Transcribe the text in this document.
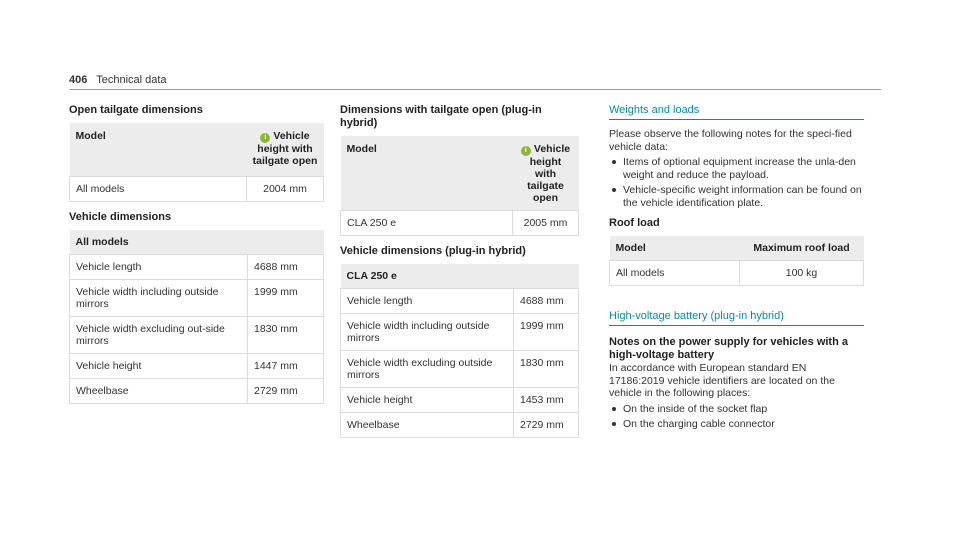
406 Technical data
Open tailgate dimensions
Model	i Vehicle height with tailgate open
All models	2004 mm
Vehicle dimensions
All models	
Vehicle length	4688 mm
Vehicle width including outside mirrors	1999 mm
Vehicle width excluding out-side mirrors	1830 mm
Vehicle height	1447 mm
Wheelbase	2729 mm
Dimensions with tailgate open (plug-in hybrid)
Model	i Vehicle height with tailgate open
CLA 250 e	2005 mm
Vehicle dimensions (plug-in hybrid)
CLA 250 e	
Vehicle length	4688 mm
Vehicle width including outside mirrors	1999 mm
Vehicle width excluding outside mirrors	1830 mm
Vehicle height	1453 mm
Wheelbase	2729 mm
Weights and loads

Please observe the following notes for the speci-fied vehicle data:

Items of optional equipment increase the unla-den weight and reduce the payload.
Vehicle-specific weight information can be found on the vehicle identification plate.
Roof load
Model	Maximum roof load
All models	100 kg
High-voltage battery (plug-in hybrid)
Notes on the power supply for vehicles with a high-voltage battery

In accordance with European standard EN 17186:2019 vehicle identifiers are located on the vehicle in the following places:

On the inside of the socket flap
On the charging cable connector
